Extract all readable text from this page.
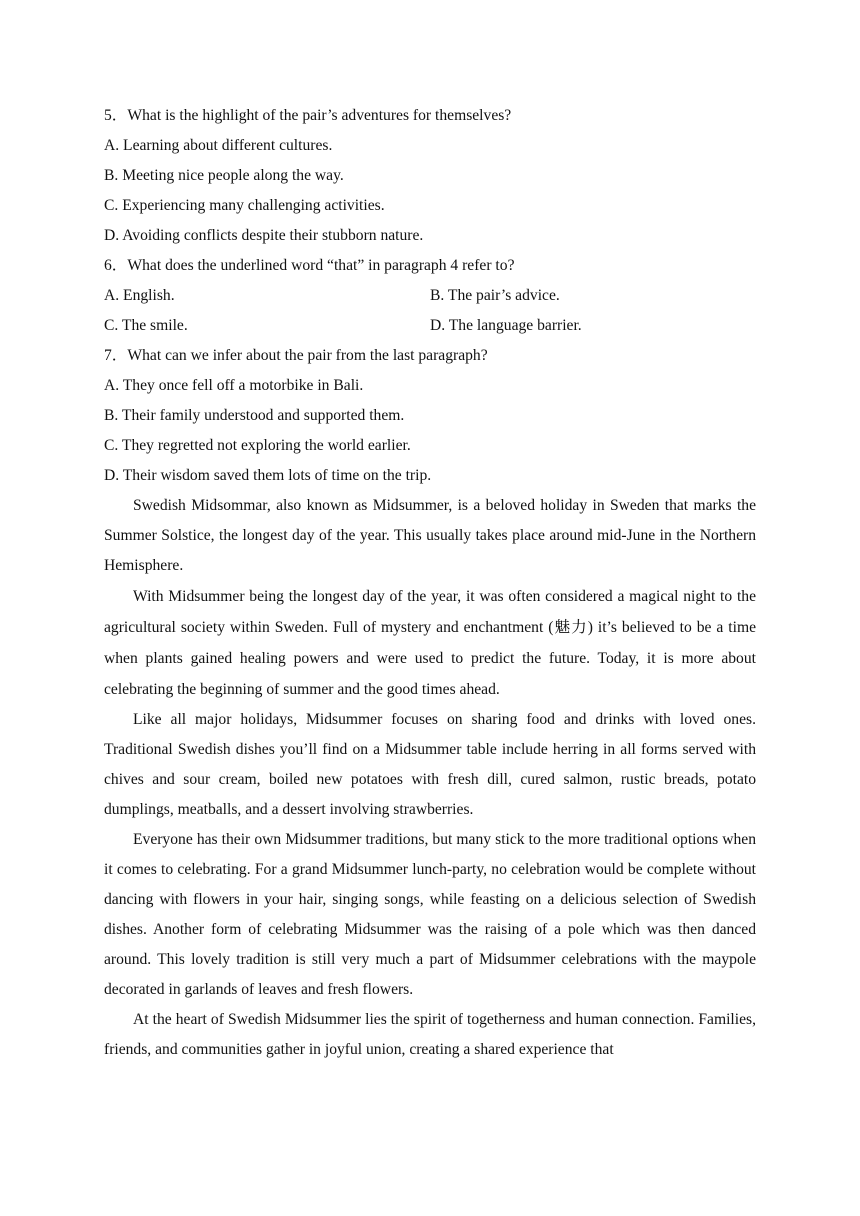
5．What is the highlight of the pair’s adventures for themselves?
A. Learning about different cultures.
B. Meeting nice people along the way.
C. Experiencing many challenging activities.
D. Avoiding conflicts despite their stubborn nature.
6．What does the underlined word “that” in paragraph 4 refer to?
A. English.	B. The pair’s advice.
C. The smile.	D. The language barrier.
7．What can we infer about the pair from the last paragraph?
A. They once fell off a motorbike in Bali.
B. Their family understood and supported them.
C. They regretted not exploring the world earlier.
D. Their wisdom saved them lots of time on the trip.

Swedish Midsommar, also known as Midsummer, is a beloved holiday in Sweden that marks the Summer Solstice, the longest day of the year. This usually takes place around mid-June in the Northern Hemisphere.

With Midsummer being the longest day of the year, it was often considered a magical night to the agricultural society within Sweden. Full of mystery and enchantment (魅力) it’s believed to be a time when plants gained healing powers and were used to predict the future. Today, it is more about celebrating the beginning of summer and the good times ahead.

Like all major holidays, Midsummer focuses on sharing food and drinks with loved ones. Traditional Swedish dishes you’ll find on a Midsummer table include herring in all forms served with chives and sour cream, boiled new potatoes with fresh dill, cured salmon, rustic breads, potato dumplings, meatballs, and a dessert involving strawberries.

Everyone has their own Midsummer traditions, but many stick to the more traditional options when it comes to celebrating. For a grand Midsummer lunch-party, no celebration would be complete without dancing with flowers in your hair, singing songs, while feasting on a delicious selection of Swedish dishes. Another form of celebrating Midsummer was the raising of a pole which was then danced around. This lovely tradition is still very much a part of Midsummer celebrations with the maypole decorated in garlands of leaves and fresh flowers.

At the heart of Swedish Midsummer lies the spirit of togetherness and human connection. Families, friends, and communities gather in joyful union, creating a shared experience that
